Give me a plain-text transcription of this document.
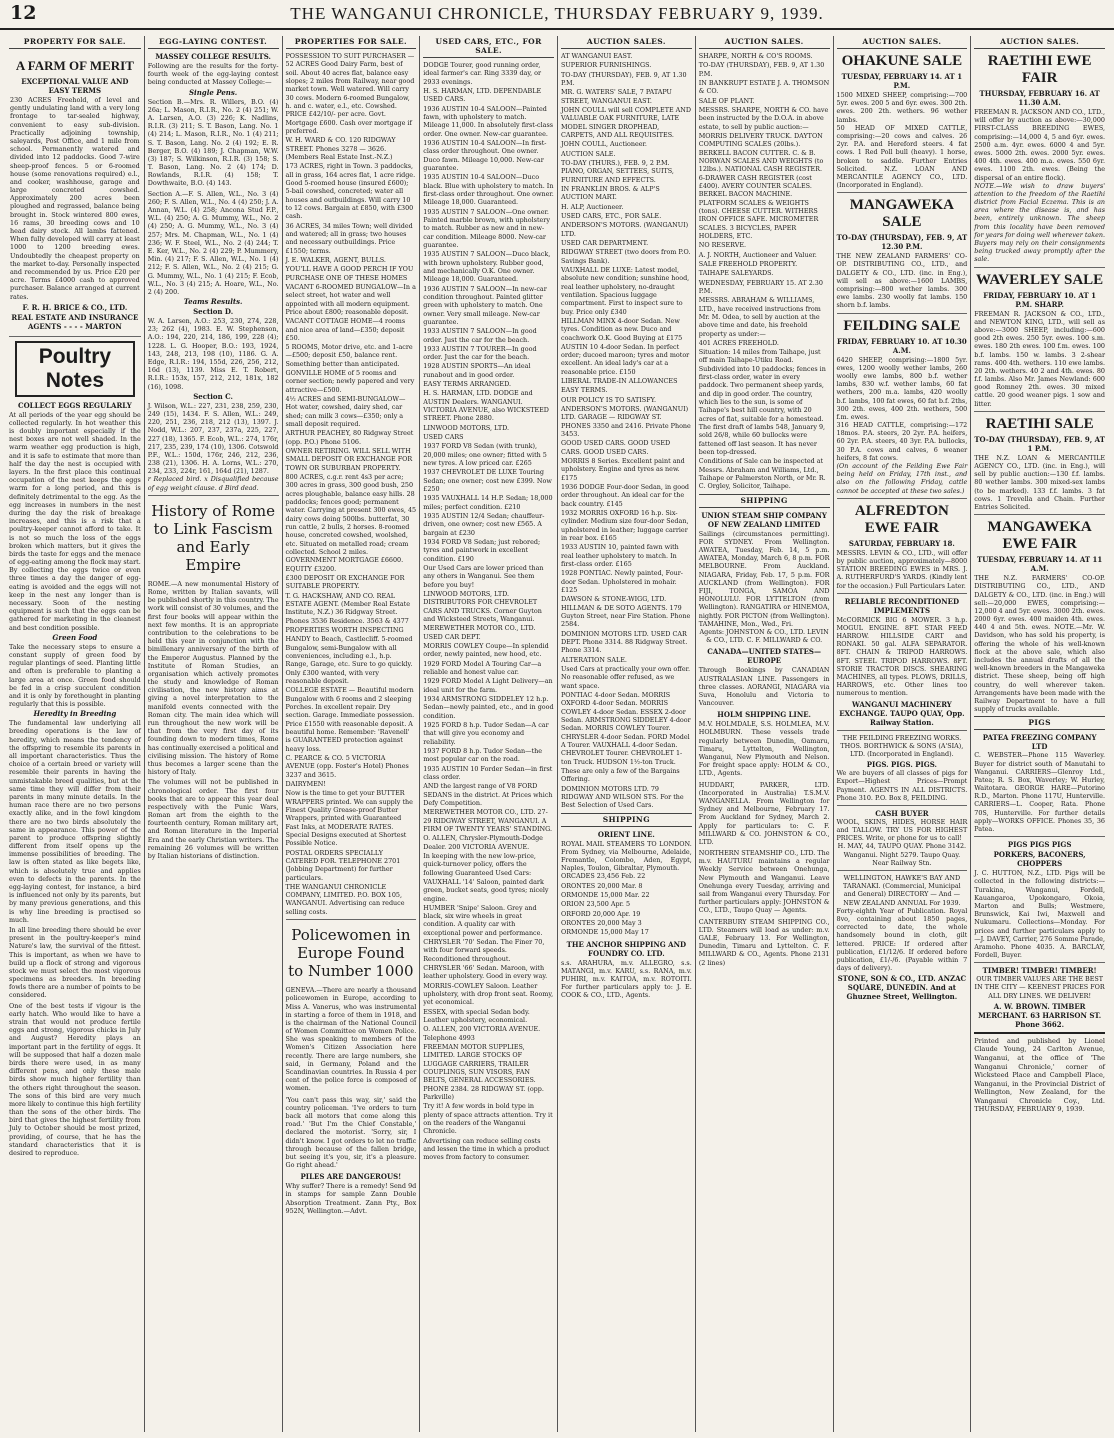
12	THE WANGANUI CHRONICLE, THURSDAY FEBRUARY 9, 1939.
PROPERTY FOR SALE.
A FARM OF MERIT
EXCEPTIONAL VALUE AND EASY TERMS
230 ACRES Freehold, of level and gently undulating land with a very long frontage to tar-sealed highway, convenient to easy sub-division. Practically adjoining township, saleyards, Post Office, and 1 mile from school. Permanently watered and divided into 12 paddocks. Good 7-wire sheep-proof fences. 5 or 6-roomed house (some renovations required) e.l., and cooker, washhouse, garage and large concreted cowshed. Approximately 200 acres been ploughed and regrassed, balance being brought in. Stock wintered 800 ewes, 16 rams, 30 breeding cows and 10 head dairy stock. All lambs fattened. When fully developed will carry at least 1000 to 1200 breeding ewes. Undoubtedly the cheapest property on the market to-day. Personally inspected and recommended by us. Price £20 per acre. Terms £4000 cash to approved purchaser. Balance arranged at current rates.
F. R. H. BRICE & CO., LTD.
REAL ESTATE AND INSURANCE AGENTS - - - - MARTON
Poultry Notes
COLLECT EGGS REGULARLY
At all periods of the year egg should be collected regularly. In hot weather this is doubly important especially if the nest boxes are not well shaded. In the warm weather egg production is high, and it is safe to estimate that more than half the day the nest is occupied with layers. In the first place this continual occupation of the nest keeps the eggs warm for a long period, and this is definitely detrimental to the egg. As the egg increases in numbers in the nest during the day the risk of breakage increases, and this is a risk that a poultry-keeper cannot afford to take. It is not so much the loss of the eggs broken which matters, but it gives the birds the taste for eggs and the menace of egg-eating among the flock may start. By collecting the eggs twice or even three times a day the danger of egg-eating is avoided and the eggs will not keep in the nest any longer than is necessary. Soon of the nesting equipment is such that the eggs can be gathered for marketing in the cleanest and best condition possible.
Green Food
Take the necessary steps to ensure a constant supply of green food by regular plantings of seed. Planting little and often is preferable to planting a large area at once. Green food should be fed in a crisp succulent condition and it is only by forethought in planting regularly that this is possible.
Heredity in Breeding
The fundamental law underlying all breeding operations is the law of heredity, which means the tendency of the offspring to resemble its parents in all important characteristics. Thus the choice of a certain breed or variety will resemble their parents in having the unmistakable breed qualities, but at the same time they will differ from their parents in many minute details. In the human race there are no two persons exactly alike, and in the fowl kingdom there are no two birds absolutely the same in appearance. This power of the parent to produce offspring slightly different from itself opens up the immense possibilities of breeding. The law is often stated as like begets like, which is absolutely true and applies even to defects in the parents. In the egg-laying contest, for instance, a bird is influenced not only by its parents, but by many previous generations, and this is why line breeding is practised so much.
In all line breeding there should be ever present in the poultry-keeper's mind Nature's law, the survival of the fittest. This is important, as when we have to build up a flock of strong and vigorous stock we must select the most vigorous specimens as breeders. In breeding fowls there are a number of points to be considered.
One of the best tests if vigour is the early hatch. Who would like to have a strain that would not produce fertile eggs and strong, vigorous chicks in July and August? Heredity plays an important part in the fertility of eggs. It will be supposed that half a dozen male birds there were used, in as many different pens, and only these male birds show much higher fertility than the others right throughout the season. The sons of this bird are very much more likely to continue this high fertility than the sons of the other birds. The bird that gives the highest fertility from July to October should be most prized, providing, of course, that he has the standard characteristics that it is desired to reproduce.
EGG-LAYING CONTEST.
MASSEY COLLEGE RESULTS.
Following are the results for the forty-fourth week of the egg-laying contest being conducted at Massey College:—
Single Pens.
Section B.—Mrs. R. Willers, B.O. (4) 26a; L. Mason, R.I.R., No. 2 (4) 251; W. A. Larsen, A.O. (3) 226; K. Nadlins, R.I.R. (3) 211; S. T. Bason, Lang. No. 1 (4) 214; L. Mason, R.I.R., No. 1 (4) 211; S. T. Bason, Lang. No. 2 (4) 192; E. R. Berger, B.O. (4) 189; J. Chapman, W.W. (3) 187; S. Wilkinson, R.I.R. (3) 158; S. T. Bason, Lang. No. 2 (4) 174; D. Rowlands, R.I.R. (4) 158; T. Dowthwaite, B.O. (4) 143.
Section A.—F. S. Allen, W.L., No. 3 (4) 260; F. S. Allen, W.L., No. 4 (4) 250; J. A. Annan, W.L. (4) 258; Ancona Stud F.P., W.L. (4) 250; A. G. Mummy, W.L., No. 2 (4) 250; A. G. Mummy, W.L., No. 3 (4) 257; Mrs. M. Chapman, W.L., No. 1 (4) 236; W. F. Steel, W.L., No. 2 (4) 244; T. E. Ker, W.L., No. 2 (4) 229; P. Mummery, Min. (4) 217; F. S. Allen, W.L., No. 1 (4) 212; F. S. Allen, W.L., No. 2 (4) 215; G. G. Mummy, W.L., No. 1 (4) 215; F. Ecob, W.L., No. 3 (4) 215; A. Hoare, W.L., No. 2 (4) 200.
Teams Results.
Section D.
W. A. Larsen, A.O.: 253, 230, 274, 228, 23; 262 (4), 1983. E. W. Stephenson, A.O.: 194, 220, 214, 186, 199, 228 (4); 1228. L. G. Hooper, B.O.: 193, 1924, 143, 248, 213, 198 (10), 1186. G. A. Edge, R.I.R.: 194, 155d, 226, 256, 212, 16d (13), 1139. Miss E. T. Robert, R.I.R.: 153x, 157, 212, 212, 181x, 182 (16), 1098.
Section C.
J. Wilson, W.L.: 227, 231, 238, 259, 230, 249 (15), 1434. F. S. Allen, W.L.: 249, 220, 251, 236, 218, 212 (13), 1397. J. Nodd, W.L.: 207, 237, 237a, 225, 227, 227 (18), 1365. F. Ecob, W.L.: 274, 176r, 217, 235, 239, 174 (10), 1306. Cotswold P.F., W.L.: 150d, 176r, 246, 212, 236, 238 (21), 1306. H. A. Lorns, W.L.: 270, 234, 233, 224r, 161, 164d (21), 1287.
r Replaced bird. x Disqualified because of egg weight clause. d Bird dead.
History of Rome to Link Fascism and Early Empire
ROME.—A new monumental History of Rome, written by Italian savants, will be published shortly in this country. The work will consist of 30 volumes, and the first four books will appear within the next few months. It is an appropriate contribution to the celebrations to be held this year in conjunction with the bimillenary anniversary of the birth of the Emperor Augustus. Planned by the Institute of Roman Studies, an organisation which actively promotes the study and knowledge of Roman civilisation, the new history aims at giving a novel interpretation to the manifold events connected with the Roman city. The main idea which will run throughout the new work will be that from the very first day of its founding down to modern times, Rome has continually exercised a political and civilising mission. The history of Rome thus becomes a larger scene than the history of Italy.
The volumes will not be published in chronological order. The first four books that are to appear this year deal respectively with the Punic Wars, Roman art from the eighth to the fourteenth century, Roman military art, and Roman literature in the Imperial Era and the early Christian writers. The remaining 26 volumes will be written by Italian historians of distinction.
PROPERTIES FOR SALE.
POSSESSION TO SUIT PURCHASER — 52 ACRES Good Dairy Farm, best of soil. About 40 acres flat, balance easy slopes; 2 miles from Railway, near good market town. Well watered. Will carry 30 cows. Modern 6-roomed Bungalow, h. and c. water, e.l., etc. Cowshed. PRICE £42/10/- per acre. Govt. Mortgage £600. Cash over mortgage if preferred.
W. H. WARD & CO. 120 RIDGWAY STREET. Phones 3278 — 3626. (Members Real Estate Inst.-N.Z.)
173 ACRES, right in Town. 3 paddocks, all in grass, 164 acres flat, 1 acre ridge. Good 5-roomed house (insured £600); 5-bail cowshed, concreted; water all houses and outbuildings. Will carry 10 to 12 cows. Bargain at £850, with £300 cash.
36 ACRES, 34 miles Town; well divided and watered; all in grass; two houses and necessary outbuildings. Price £1550; terms.
J. E. WALKER, AGENT, BULLS.
YOU'LL HAVE A GOOD PERCH IF YOU PURCHASE ONE OF THESE HOMES
VACANT 6-ROOMED BUNGALOW—In a select street, hot water and well appointed with all modern equipment. Price about £800; reasonable deposit.
VACANT COTTAGE HOME—4 rooms and nice area of land—£350; deposit £50.
5 ROOMS, Motor drive, etc. and 1-acre—£500; deposit £50, balance rent. Something better than anticipated.
GONVILLE HOME of 5 rooms and corner section; newly papered and very attractive—£500.
4½ ACRES and SEMI-BUNGALOW—Hot water, cowshed, dairy shed, car shed; can milk 3 cows—£350; only a small deposit required.
ARTHUR PEACHEY, 80 Ridgway Street (opp. P.O.) Phone 5106.
OWNER RETIRING. WILL SELL WITH SMALL DEPOSIT OR EXCHANGE FOR TOWN OR SUBURBAN PROPERTY.
800 ACRES, c.g.r. rent 4s3 per acre; 300 acres in grass, 300 good bush, 250 acres ploughable, balance easy hills. 28 paddocks; fences good; permanent water. Carrying at present 300 ewes, 45 dairy cows doing 500lbs. butterfat, 30 run cattle, 2 bulls, 2 horses. 8-roomed house, concreted cowshed, woolshed, etc. Situated on metalled road; cream collected. School 2 miles. GOVERNMENT MORTGAGE £6600. EQUITY £3200.
£300 DEPOSIT OR EXCHANGE FOR SUITABLE PROPERTY.
T. G. HACKSHAW, AND CO. REAL ESTATE AGENT. (Member Real Estate Institute, N.Z.) 36 Ridgway Street. Phones 3536 Residence. 3563 & 4377
PROPERTIES WORTH INSPECTING
HANDY to Beach, Castlecliff. 5-roomed Bungalow, semi-Bungalow with all conveniences, including e.l., h.p. Range, Garage, etc. Sure to go quickly. Only £300 wanted, with very reasonable deposit.
COLLEGE ESTATE — Beautiful modern Bungalow with 6 rooms and 2 sleeping Porches. In excellent repair. Dry section. Garage. Immediate possession. Price £1550 with reasonable deposit. A beautiful home. Remember: 'Ravenell' is GUARANTEED protection against heavy loss.
C. PEARCE & CO. 5 VICTORIA AVENUE (opp. Foster's Hotel) Phones 3237 and 3615.
DAIRYMEN!
Now is the time to get your BUTTER WRAPPERS printed. We can supply the Finest Quality Grease-proof Butter Wrappers, printed with Guaranteed Fast Inks, at MODERATE RATES. Special Designs executed at Shortest Possible Notice.
POSTAL ORDERS SPECIALLY CATERED FOR. TELEPHONE 2701 (Jobbing Department) for further particulars.
THE WANGANUI CHRONICLE COMPANY, LIMITED. P.O. BOX 105, WANGANUI. Advertising can reduce selling costs.
Policewomen in Europe Found to Number 1000
GENEVA.—There are nearly a thousand policewomen in Europe, according to Miss A. Vanerus, who was instrumental in starting a force of them in 1918, and is the chairman of the National Council of Women Committee on Women Police. She was speaking to members of the Women's Citizen Association here recently. There are large numbers, she said, in Germany, Poland and the Scandinavian countries. In Russia 4 per cent of the police force is composed of women.
'You can't pass this way, sir,' said the country policeman. 'I've orders to turn back all motors that come along this road.' 'But I'm the Chief Constable,' declared the motorist. 'Sorry, sir, I didn't know. I got orders to let no traffic through because of the fallen bridge, but seeing it's you, sir, it's a pleasure. Go right ahead.'
PILES ARE DANGEROUS!
Why suffer? There is a remedy! Send 9d in stamps for sample Zann Double Absorption Treatment. Zann Pty., Box 952N, Wellington.—Advt.
USED CARS, ETC., FOR SALE.
DODGE Tourer, good running order, ideal farmer's car. Ring 3339 day, or 2933 evenings.
H. S. HARMAN, LTD. DEPENDABLE USED CARS.
1936 AUSTIN 10-4 SALOON—Painted fawn, with upholstery to match. Mileage 11,000. In absolutely first-class order. One owner. New-car guarantee.
1936 AUSTIN 10-4 SALOON—In first-class order throughout. One owner. Duco fawn. Mileage 10,000. New-car guarantee.
1935 AUSTIN 10-4 SALOON—Duco black. Blue with upholstery to match. In first-class order throughout. One owner. Mileage 18,000. Guaranteed.
1935 AUSTIN 7 SALOON—One owner. Painted marble brown, with upholstery to match. Rubber as new and in new-car condition. Mileage 8000. New-car guarantee.
1935 AUSTIN 7 SALOON—Duco black, with brown upholstery. Rubber good, and mechanically O.K. One owner. Mileage 18,000. Guaranteed.
1936 AUSTIN 7 SALOON—In new-car condition throughout. Painted glitter green with upholstery to match. One owner. Very small mileage. New-car guarantee.
1933 AUSTIN 7 SALOON—In good order. Just the car for the beach.
1933 AUSTIN 7 TOURER—In good order. Just the car for the beach.
1928 AUSTIN SPORTS—An ideal runabout and in good order.
EASY TERMS ARRANGED.
H. S. HARMAN, LTD. DODGE and AUSTIN Dealers. WANGANUI. VICTORIA AVENUE, also WICKSTEED STREET. Phone 2880.
LINWOOD MOTORS, LTD.
USED CARS
1937 FORD V8 Sedan (with trunk), 20,000 miles; one owner; fitted with 5 new tyres. A low priced car. £265
1937 CHEVROLET DE LUXE Touring Sedan; one owner; cost new £399. Now £250
1935 VAUXHALL 14 H.P. Sedan; 18,000 miles; perfect condition. £210
1935 AUSTIN 12/4 Sedan; chauffeur-driven, one owner; cost new £565. A bargain at £230
1934 FORD V8 Sedan; just rebored; tyres and paintwork in excellent condition. £190
Our Used Cars are lower priced than any others in Wanganui. See them before you buy!
LINWOOD MOTORS, LTD. DISTRIBUTORS FOR CHEVROLET CARS AND TRUCKS. Corner Guyton and Wicksteed Streets, Wanganui.
MEREWETHER MOTOR CO., LTD. USED CAR DEPT.
MORRIS COWLEY Coupe—In splendid order, newly painted, new hood, etc.
1929 FORD Model A Touring Car—a reliable and honest value car.
1929 FORD Model A Light Delivery—an ideal unit for the farm.
1934 ARMSTRONG SIDDELEY 12 h.p. Sedan—newly painted, etc., and in good condition.
1925 FORD 8 h.p. Tudor Sedan—A car that will give you economy and reliability.
1937 FORD 8 h.p. Tudor Sedan—the most popular car on the road.
1935 AUSTIN 10 Forder Sedan—in first class order.
AND the largest range of V8 FORD SEDANS in the district. At Prices which Defy Competition.
MEREWETHER MOTOR CO., LTD. 27-29 RIDGWAY STREET, WANGANUI. A FIRM OF TWENTY YEARS' STANDING.
O. ALLEN, Chrysler-Plymouth-Dodge Dealer. 200 VICTORIA AVENUE.
In keeping with the new low-price, quick-turnover policy, offers the following Guaranteed Used Cars:
VAUXHALL '14' Saloon, painted dark green, bucket seats, good tyres; nicely engine.
HUMBER 'Snipe' Saloon. Grey and black, six wire wheels in great condition. A quality car with exceptional power and performance.
CHRYSLER '70' Sedan. The Finer 70, with four forward speeds. Reconditioned throughout.
CHRYSLER '66' Sedan. Maroon, with leather upholstery. Good in every way.
MORRIS-COWLEY Saloon. Leather upholstery, with drop front seat. Roomy, yet economical.
ESSEX, with special Sedan body. Leather upholstery, economical.
O. ALLEN, 200 VICTORIA AVENUE. Telephone 4993
FREEMAN MOTOR SUPPLIES, LIMITED. LARGE STOCKS OF LUGGAGE CARRIERS, TRAILER COUPLINGS, SUN VISORS, FAN BELTS, GENERAL ACCESSORIES. PHONE 2384. 28 RIDGWAY ST. (opp. Parkville)
Try it! A few words in bold type in plenty of space attracts attention. Try it on the readers of the Wanganui Chronicle.
Advertising can reduce selling costs and lessen the time in which a product moves from factory to consumer.
AUCTION SALES.
AT WANGANUI EAST.
SUPERIOR FURNISHINGS.
TO-DAY (THURSDAY), FEB. 9, AT 1.30 P.M.
MR. G. WATERS' SALE, 7 PATAPU STREET, WANGANUI EAST.
JOHN COULL will sell COMPLETE AND VALUABLE OAK FURNITURE, LATE MODEL SINGER DROPHEAD, CARPETS, AND ALL REQUISITES.
JOHN COULL, Auctioneer.
AUCTION SALE.
TO-DAY (THURS.), FEB. 9, 2 P.M. PIANO, ORGAN, SETTEES, SUITS, FURNITURE AND EFFECTS.
IN FRANKLIN BROS. & ALP'S AUCTION MART.
H. ALP, Auctioneer.
USED CARS, ETC., FOR SALE.
ANDERSON'S MOTORS. (WANGANUI) LTD.
USED CAR DEPARTMENT.
RIDGWAY STREET (two doors from P.O. Savings Bank).
VAUXHALL DE LUXE: Latest model, absolute new condition; sunshine hood, real leather upholstery, no-draught ventilation. Spacious luggage compartment. First to inspect sure to buy. Price only £340
HILLMAN MINX 4-door Sedan. New tyres. Condition as new. Duco and coachwork O.K. Good Buying at £175
AUSTIN 10 4-door Sedan. In perfect order; ducoed maroon; tyres and motor excellent. An ideal lady's car at a reasonable price. £150
LIBERAL TRADE-IN ALLOWANCES
EASY TERMS.
OUR POLICY IS TO SATISFY.
ANDERSON'S MOTORS. (WANGANUI) LTD. GARAGE — RIDGWAY ST. PHONES 3350 and 2416. Private Phone 3453.
GOOD USED CARS. GOOD USED CARS. GOOD USED CARS.
MORRIS 8 Series. Excellent paint and upholstery. Engine and tyres as new. £175
1936 DODGE Four-door Sedan, in good order throughout. An ideal car for the back country. £145
1932 MORRIS OXFORD 16 h.p. Six-cylinder. Medium size four-door Sedan, upholstered in leather; luggage carrier in rear box. £165
1933 AUSTIN 10, painted fawn with real leather upholstery to match. In first-class order. £165
1928 PONTIAC. Newly painted, Four-door Sedan. Upholstered in mohair. £125
DAWSON & STONE-WIGG, LTD. HILLMAN & DE SOTO AGENTS. 179 Guyton Street, near Fire Station. Phone 2584.
DOMINION MOTORS LTD. USED CAR DEPT. Phone 3314. 88 Ridgway Street. Phone 3314.
ALTERATION SALE.
Used Cars at practically your own offer. No reasonable offer refused, as we want space.
PONTIAC 4-door Sedan. MORRIS OXFORD 4-door Sedan. MORRIS COWLEY 4-door Sedan. ESSEX 2-door Sedan. ARMSTRONG SIDDELEY 4-door Sedan. MORRIS COWLEY Tourer. CHRYSLER 4-door Sedan. FORD Model A Tourer. VAUXHALL 4-door Sedan. CHEVROLET Tourer. CHEVROLET 1-ton Truck. HUDSON 1½-ton Truck.
These are only a few of the Bargains Offering.
DOMINION MOTORS LTD. 79 RIDGWAY AND WILSON STS. For the Best Selection of Used Cars.
SHIPPING
ORIENT LINE.
ROYAL MAIL STEAMERS TO LONDON. From Sydney, via Melbourne, Adelaide, Fremantle, Colombo, Aden, Egypt, Naples, Toulon, Gibraltar, Plymouth.
ORCADES 23,456 Feb. 22
ORONTES 20,000 Mar. 8
ORMONDE 15,000 Mar. 22
ORION 23,500 Apr. 5
ORFORD 20,000 Apr. 19
ORONTES 20,000 May 3
ORMONDE 15,000 May 17
THE ANCHOR SHIPPING AND FOUNDRY CO. LTD.
s.s. ARAHURA, m.v. ALLEGRO, s.s. MATANGI, m.v. KARU, s.s. RANA, m.v. PUHIRI, m.v. KAITOA, m.v. ROTOITI. For further particulars apply to: J. E. COOK & CO., LTD., Agents.
AUCTION SALES.
SHARPE, NORTH & CO'S ROOMS.
TO-DAY (THURSDAY), FEB. 9, AT 1.30 P.M.
IN BANKRUPT ESTATE J. A. THOMSON & CO.
SALE OF PLANT.
MESSRS. SHARPE, NORTH & CO. have been instructed by the D.O.A. in above estate, to sell by public auction:—
MORRIS DELIVERY TRUCK. DAYTON COMPUTING SCALES (20lbs.). BERKELL BACON CUTTER. C. & B. NORWAN SCALES AND WEIGHTS (to 12lbs.). NATIONAL CASH REGISTER. 6-DRAWER CASH REGISTER (cost £400). AVERY COUNTER SCALES. BERKEL BACON MACHINE. PLATFORM SCALES & WEIGHTS (tons). CHEESE CUTTER. WITHERS IRON OFFICE SAFE. MICROMETER SCALES. 3 BICYCLES, PAPER HOLDERS, ETC.
NO RESERVE.
A. J. NORTH, Auctioneer and Valuer.
SALE FREEHOLD PROPERTY.
TAIHAPE SALEYARDS.
WEDNESDAY, FEBRUARY 15. AT 2.30 P.M.
MESSRS. ABRAHAM & WILLIAMS, LTD., have received instructions from Mr. M. Odea, to sell by auction at the above time and date, his freehold property as under:—
401 ACRES FREEHOLD.
Situation: 14 miles from Taihape, just off main Taihape-Utiku Road. Subdivided into 10 paddocks; fences in first-class order, water in every paddock. Two permanent sheep yards, and dip in good order. The country, which lies to the sun, is some of Taihape's best hill country, with 20 acres of flat, suitable for a homestead. The first draft of lambs 548, January 9, sold 26/8, while 60 bullocks were fattened off last season. It has never been top-dressed.
Conditions of Sale can be inspected at Messrs. Abraham and Williams, Ltd., Taihape or Palmerston North, or Mr. R. C. Orgley, Solicitor, Taihape.
SHIPPING
UNION STEAM SHIP COMPANY OF NEW ZEALAND LIMITED
Sailings (circumstances permitting). FOR SYDNEY. From Wellington. AWATEA, Tuesday, Feb. 14, 5 p.m. AWATEA, Monday, March 6, 8 p.m. FOR MELBOURNE. From Auckland. NIAGARA, Friday, Feb. 17, 5 p.m. FOR AUCKLAND (from Wellington). FOR FIJI, TONGA, SAMOA AND HONOLULU. FOR LYTTELTON (from Wellington). RANGATIRA or HINEMOA, nightly. FOR PICTON (from Wellington). TAMAHINE, Mon., Wed., Fri.
Agents: JOHNSTON & CO., LTD. LEVIN & CO., LTD. C. F. MILLWARD & CO.
CANADA—UNITED STATES—EUROPE
Through Bookings by CANADIAN AUSTRALASIAN LINE. Passengers in three classes. AORANGI, NIAGARA via Suva, Honolulu and Victoria to Vancouver.
HOLM SHIPPING LINE.
M.V. HOLMDALE, S.S. HOLMLEA, M.V. HOLMBURN. These vessels trade regularly between Dunedin, Oamaru, Timaru, Lyttelton, Wellington, Wanganui, New Plymouth and Nelson. For freight space apply: HOLM & CO., LTD., Agents.
HUDDART, PARKER, LTD. (Incorporated in Australia) T.S.M.V. WANGANELLA. From Wellington for Sydney and Melbourne, February 17. From Auckland for Sydney, March 2. Apply for particulars to: C. F. MILLWARD & CO. JOHNSTON & CO., LTD.
NORTHERN STEAMSHIP CO., LTD. The m.v. HAUTURU maintains a regular Weekly Service between Onehunga, New Plymouth and Wanganui. Leave Onehunga every Tuesday, arriving and sail from Wanganui every Thursday. For further particulars apply: JOHNSTON & CO., LTD., Taupo Quay — Agents.
CANTERBURY STEAM SHIPPING CO., LTD. Steamers will load as under: m.v. GALE, February 13. For Wellington, Dunedin, Timaru and Lyttelton. C. F. MILLWARD & CO., Agents. Phone 2131 (2 lines)
AUCTION SALES.
OHAKUNE SALE
TUESDAY, FEBRUARY 14. AT 1 P.M.
1500 MIXED SHEEP, comprising:—700 5yr. ewes. 200 5 and 6yr. ewes. 300 2th. ewes. 200 2th. wethers. 96 wether lambs.
50 HEAD OF MIXED CATTLE, comprising:—20 cows and calves. 26 2yr. P.A. and Hereford steers. 4 fat cows. 1 Red Poll bull (heavy). 1 horse, broken to saddle. Further Entries Solicited. N.Z. LOAN AND MERCANTILE AGENCY CO., LTD. (Incorporated in England).
MANGAWEKA SALE
TO-DAY (THURSDAY), FEB. 9, AT 12.30 P.M.
THE NEW ZEALAND FARMERS' CO-OP. DISTRIBUTING CO., LTD., and DALGETY & CO., LTD. (inc. in Eng.), will sell as above:—1600 LAMBS, comprising:—800 wether lambs. 300 ewe lambs. 230 woolly fat lambs. 150 shorn b.f. lambs.
FEILDING SALE
FRIDAY, FEBRUARY 10. AT 10.30 A.M.
6420 SHEEP, comprising:—1800 5yr. ewes, 1200 woolly wether lambs, 260 woolly ewe lambs, 800 b.f. wether lambs, 830 w.f. wether lambs, 60 fat wethers, 200 m.a. lambs, 420 woolly b.f. lambs, 100 fat ewes, 60 fat b.f. 2ths, 300 2th. ewes, 400 2th. wethers, 500 f.m. ewes.
316 HEAD CATTLE, comprising:—172 18mos. P.A. steers, 20 2yr. P.A. heifers, 60 2yr. P.A. steers, 40 3yr. P.A. bullocks, 30 P.A. cows and calves, 6 weaner heifers, 8 fat cows.
(On account of the Feilding Ewe Fair being held on Friday, 17th inst., and also on the following Friday, cattle cannot be accepted at these two sales.)
ALFREDTON EWE FAIR
SATURDAY, FEBRUARY 18.
MESSRS. LEVIN & CO., LTD., will offer by public auction, approximately—8000 STATION BREEDING EWES in MRS. J. A. RUTHERFURD'S YARDS. (Kindly lent for the occasion.) Full Particulars Later.
RELIABLE RECONDITIONED IMPLEMENTS
McCORMICK BIG 6 MOWER. 3 h.p. MOGUL ENGINE. 8FT. STAR FEED HARROW. HILLSIDE CART and RONAKI. 50 gal. ALFA SEPARATOR. 8FT. CHAIN & TRIPOD HARROWS. 8FT. STEEL TRIPOD HARROWS. 8FT. STORIE TRACTOR DISCS. SHEARING MACHINES, all types. PLOWS, DRILLS, HARROWS, etc. Other lines too numerous to mention.
WANGANUI MACHINERY EXCHANGE. TAUPO QUAY, Opp. Railway Station.
THE FEILDING FREEZING WORKS. THOS. BORTHWICK & SONS (A'SIA), LTD. (Incorporated in England).
PIGS. PIGS. PIGS.
We are buyers of all classes of pigs for Export—Highest Prices—Prompt Payment. AGENTS IN ALL DISTRICTS. Phone 310. P.O. Box 8, FEILDING.
CASH BUYER
WOOL, SKINS, HIDES, HORSE HAIR and TALLOW. TRY US FOR HIGHEST PRICES. Write, or phone for us to call!
H. MAY, 44, TAUPO QUAY. Phone 3142. Wanganui. Night 5279. Taupo Quay. Near Railway Stn.
WELLINGTON, HAWKE'S BAY AND TARANAKI. (Commercial, Municipal and General) DIRECTORY — And — NEW ZEALAND ANNUAL For 1939.
Forty-eighth Year of Publication. Royal 8vo, containing about 1850 pages, corrected to date, the whole handsomely bound in cloth, gilt lettered. PRICE: If ordered after publication, £1/12/6. If ordered before publication, £1/-/6. (Payable within 7 days of delivery).
STONE, SON & CO., LTD. ANZAC SQUARE, DUNEDIN. And at Ghuznee Street, Wellington.
AUCTION SALES.
RAETIHI EWE FAIR
THURSDAY, FEBRUARY 16. AT 11.30 A.M.
FREEMAN R. JACKSON AND CO., LTD., will offer by auction as above:—30,000 FIRST-CLASS BREEDING EWES, comprising:—14,000 4, 5 and 6yr. ewes. 2500 a.m. 4yr. ewes. 6000 4 and 5yr. ewes. 5000 2th. ewes. 2000 5yr. ewes. 400 4th. ewes. 400 m.a. ewes. 550 6yr. ewes. 1100 2th. ewes. (Being the dispersal of an entire flock).
NOTE.—We wish to draw buyers' attention to the freedom of the Raetihi district from Facial Eczema. This is an area where the disease is, and has been, entirely unknown. The sheep from this locality have been removed for years for doing well wherever taken. Buyers may rely on their consignments being trucked away promptly after the sale.
WAVERLEY SALE
FRIDAY, FEBRUARY 10. AT 1 P.M. SHARP.
FREEMAN R. JACKSON & CO., LTD., and NEWTON KING, LTD., will sell as above:—3000 SHEEP, including:—600 good 2th ewes. 250 5yr. ewes. 100 s.m. ewes. 180 2th ewes. 100 f.m. ewes. 100 b.f. lambs. 150 w. lambs. 3 2-shear rams. 400 4th. wethers. 110 ewe lambs. 20 2th. wethers. 40 2 and 4th. ewes. 80 f.f. lambs. Also Mr. James Newland: 600 good Romney 2th. ewes. 30 mixed cattle. 20 good weaner pigs. 1 sow and litter.
RAETIHI SALE
TO-DAY (THURSDAY), FEB. 9, AT 1 P.M.
THE N.Z. LOAN & MERCANTILE AGENCY CO., LTD. (inc. in Eng.), will sell by public auction:—130 f.f. lambs. 80 wether lambs. 300 mixed-sex lambs (to be marked). 133 f.f. lambs. 3 fat cows. 1 Trevella and Chain. Further Entries Solicited.
MANGAWEKA EWE FAIR
TUESDAY, FEBRUARY 14. AT 11 A.M.
THE N.Z. FARMERS' CO-OP. DISTRIBUTING CO., LTD., AND DALGETY & CO., LTD. (inc. in Eng.) will sell:—20,000 EWES, comprising:—12,000 4 and 5yr. ewes. 3000 2th. ewes. 2000 6yr. ewes. 400 maiden 4th. ewes. 440 4 and 5th. ewes. NOTE.—Mr. W. Davidson, who has sold his property, is offering the whole of his well-known flock at the above sale, which also includes the annual drafts of all the well-known breeders in the Mangaweka district. These sheep, being off high country, do well wherever taken. Arrangements have been made with the Railway Department to have a full supply of trucks available.
PIGS
PATEA FREEZING COMPANY LTD
C. WEBSTER—Phone 115 Waverley. Buyer for district south of Manutahi to Wanganui. CARRIERS—Glenroy Ltd., Patea; R. S. Box, Waverley; W. Hurley, Waitotara. GEORGE HARE—Putorino R.D., Marton. Phone 117U, Hunterville. CARRIERS—L. Cooper, Rata. Phone 70S, Hunterville. For further details apply—WORKS OFFICE. Phones 35, 36 Patea.
PIGS PIGS PIGS
PORKERS, BACONERS, CHOPPERS
J. C. HUTTON, N.Z., LTD. Pigs will be collected in the following districts:—Turakina, Wanganui, Fordell, Kauangaroa, Upokongaro, Okoia, Marton and Bulls; Westmere, Brunswick, Kai Iwi, Maxwell and Nukumaru. Collections—Monday. For prices and further particulars apply to—J. DAVEY, Carrier, 276 Somme Parade, Aramoho. Phone 4035. A. BARCLAY, Fordell, Buyer.
TIMBER! TIMBER! TIMBER!
OUR TIMBER VALUES ARE THE BEST IN THE CITY — KEENEST PRICES FOR ALL DRY LINES. WE DELIVER!
A. W. BROWN. TIMBER MERCHANT. 63 HARRISON ST. Phone 3662.
Printed and published by Lionel Claude Young, 24 Carlton Avenue, Wanganui, at the office of 'The Wanganui Chronicle,' corner of Wicksteed Place and Campbell Place, Wanganui, in the Provincial District of Wellington, New Zealand, for the Wanganui Chronicle Coy., Ltd. THURSDAY, FEBRUARY 9, 1939.
